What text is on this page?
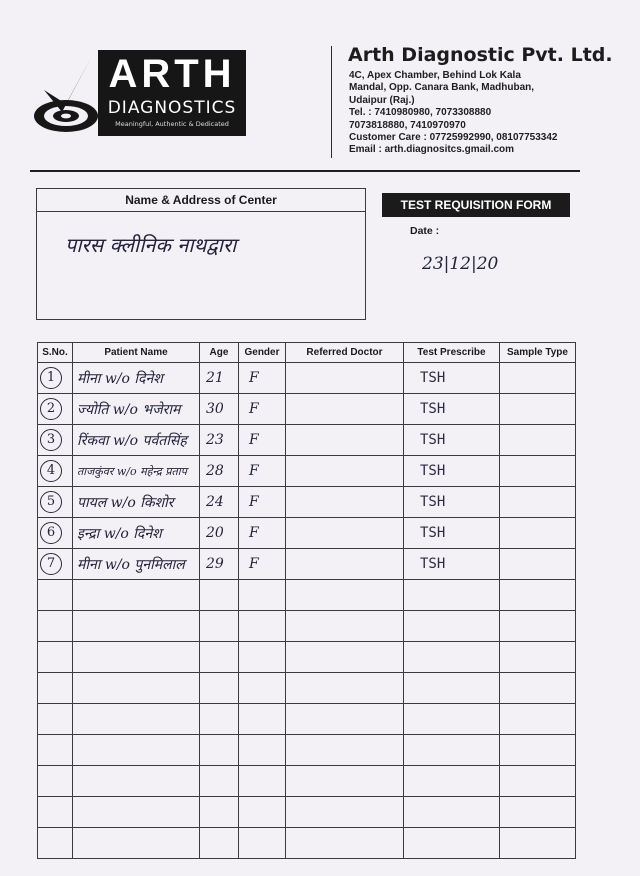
ARTH
DIAGNOSTICS
Meaningful, Authentic & Dedicated
Arth Diagnostic Pvt. Ltd.
4C, Apex Chamber, Behind Lok Kala
Mandal, Opp. Canara Bank, Madhuban,
Udaipur (Raj.)
Tel. : 7410980980, 7073308880
7073818880, 7410970970
Customer Care : 07725992990, 08107753342
Email : arth.diagnositcs.gmail.com
Name & Address of Center
पारस क्लीनिक नाथद्वारा
TEST REQUISITION FORM
Date :
23|12|20
S.No.	Patient Name	Age	Gender	Referred Doctor	Test Prescribe	Sample Type
1	मीना w/o दिनेश	21	F		TSH	
2	ज्योति w/o भजेराम	30	F		TSH	
3	रिंकवा w/o पर्वतसिंह	23	F		TSH	
4	ताजकुंवर w/o महेन्द्र प्रताप	28	F		TSH	
5	पायल w/o किशोर	24	F		TSH	
6	इन्द्रा w/o दिनेश	20	F		TSH	
7	मीना w/o पुनमिलाल	29	F		TSH	
